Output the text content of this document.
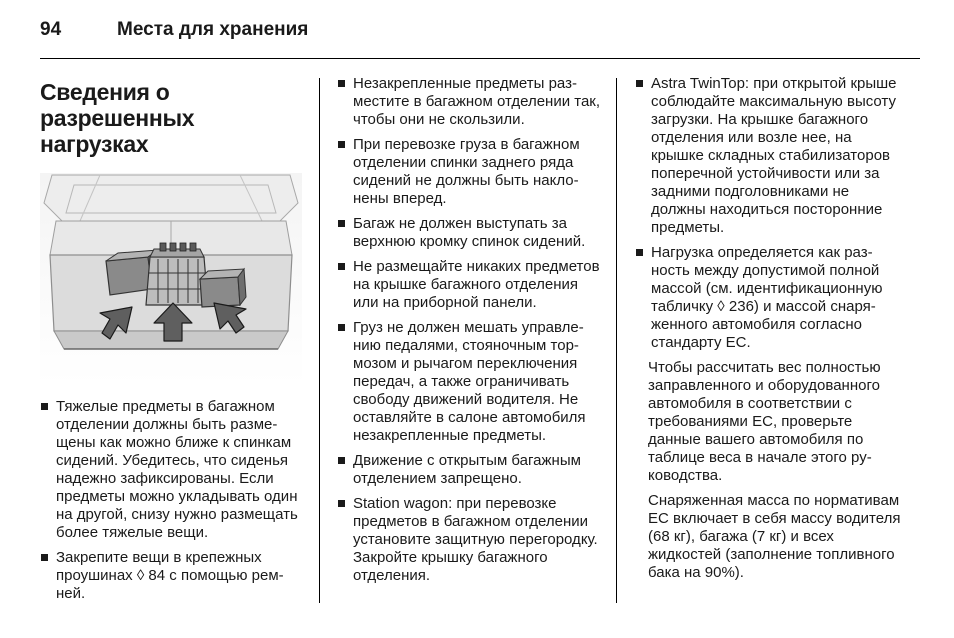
94	Места для хранения
Сведения о
разрешенных
нагрузках
Тяжелые предметы в багажном отделении должны быть размещены как можно ближе к спинкам сидений. Убедитесь, что сиденья надежно зафиксированы. Если предметы можно укладывать один на другой, снизу нужно размещать более тяжелые вещи.
Закрепите вещи в крепежных проушинах ◊ 84 с помощью ремней.
Незакрепленные предметы разместите в багажном отделении так, чтобы они не скользили.
При перевозке груза в багажном отделении спинки заднего ряда сидений не должны быть наклонены вперед.
Багаж не должен выступать за верхнюю кромку спинок сидений.
Не размещайте никаких предметов на крышке багажного отделения или на приборной панели.
Груз не должен мешать управлению педалями, стояночным тормозом и рычагом переключения передач, а также ограничивать свободу движений водителя. Не оставляйте в салоне автомобиля незакрепленные предметы.
Движение с открытым багажным отделением запрещено.
Station wagon: при перевозке предметов в багажном отделении установите защитную перегородку. Закройте крышку багажного отделения.
Astra TwinTop: при открытой крыше соблюдайте максимальную высоту загрузки. На крышке багажного отделения или возле нее, на крышке складных стабилизаторов поперечной устойчивости или за задними подголовниками не должны находиться посторонние предметы.
Нагрузка определяется как разность между допустимой полной массой (см. идентификационную табличку ◊ 236) и массой снаряженного автомобиля согласно стандарту ЕС.

Чтобы рассчитать вес полностью заправленного и оборудованного автомобиля в соответствии с требованиями ЕС, проверьте данные вашего автомобиля по таблице веса в начале этого руководства.

Снаряженная масса по нормативам ЕС включает в себя массу водителя (68 кг), багажа (7 кг) и всех жидкостей (заполнение топливного бака на 90%).
